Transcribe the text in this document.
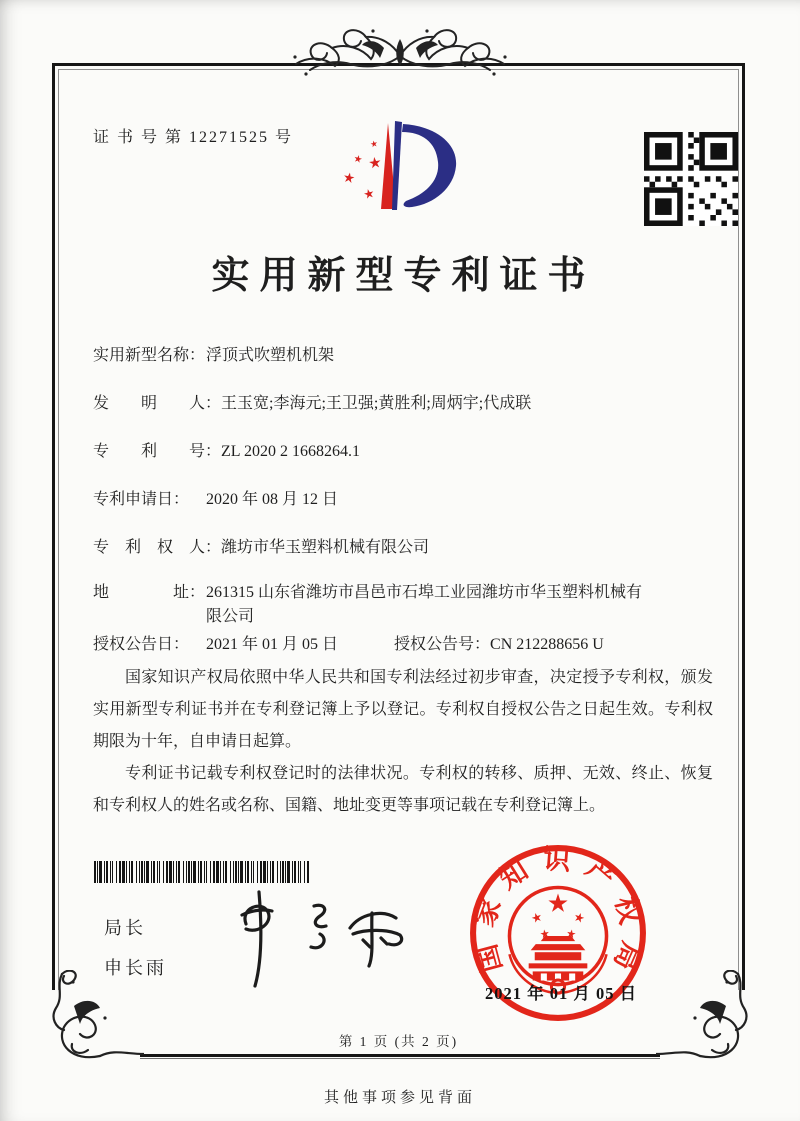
证 书 号 第 12271525 号
实用新型专利证书
实用新型名称： 浮顶式吹塑机机架
发　　明　　人： 王玉宽;李海元;王卫强;黄胜利;周炳宇;代成联
专　　利　　号： ZL 2020 2 1668264.1
专利申请日：	2020 年 08 月 12 日
专　利　权　人： 潍坊市华玉塑料机械有限公司
地　　　　址： 261315 山东省潍坊市昌邑市石埠工业园潍坊市华玉塑料机械有限公司
授权公告日：	2021 年 01 月 05 日	授权公告号： CN 212288656 U

国家知识产权局依照中华人民共和国专利法经过初步审查，决定授予专利权，颁发实用新型专利证书并在专利登记簿上予以登记。专利权自授权公告之日起生效。专利权期限为十年，自申请日起算。

专利证书记载专利权登记时的法律状况。专利权的转移、质押、无效、终止、恢复和专利权人的姓名或名称、国籍、地址变更等事项记载在专利登记簿上。

局长
申长雨	国家知识产权局
2021 年 01 月 05 日
第 1 页 (共 2 页)
其他事项参见背面
